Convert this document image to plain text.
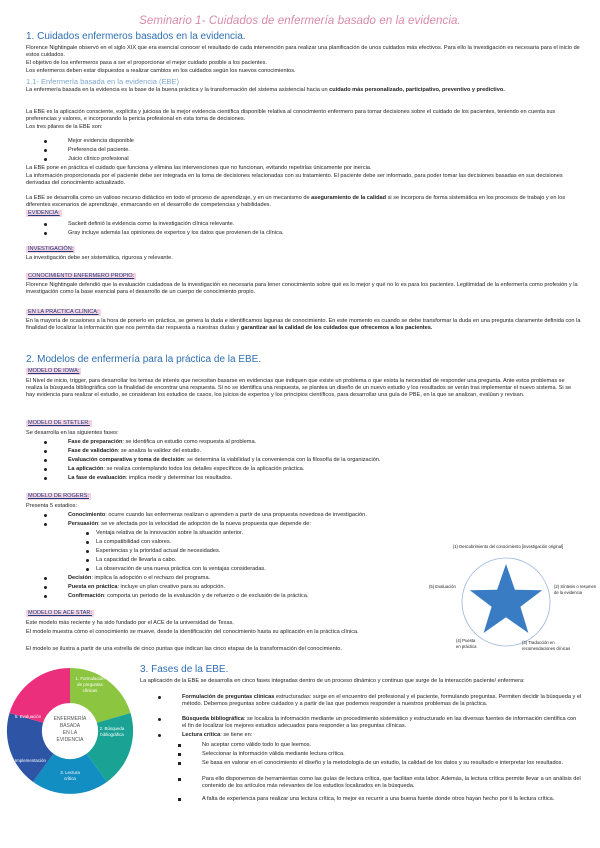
Seminario 1- Cuidados de enfermería basado en la evidencia.
1. Cuidados enfermeros basados en la evidencia.
Florence Nightingale observó en el siglo XIX que era esencial conocer el resultado de cada intervención para realizar una planificación de unos cuidados más efectivos. Para ello la investigación es necesaria para el inicio de estos cuidados.
El objetivo de los enfermeros pasa a ser el proporcionar el mejor cuidado posible a los pacientes.
Los enfermeros deben estar dispuestos a realizar cambios en los cuidados según los nuevos conocimientos.
1.1- Enfermería basada en la evidencia (EBE)
La enfermería basada en la evidencia es la base de la buena práctica y la transformación del sistema asistencial hacia un cuidado más personalizado, participativo, preventivo y predictivo.
La EBE es la aplicación consciente, explícita y juiciosa de la mejor evidencia científica disponible relativa al conocimiento enfermero para tomar decisiones sobre el cuidado de los pacientes, teniendo en cuenta sus preferencias y valores, e incorporando la pericia profesional en esta toma de decisiones.
Los tres pilares de la EBE son:
Mejor evidencia disponible
Preferencia del paciente.
Juicio clínico profesional
La EBE pone en práctica el cuidado que funciona y elimina las intervenciones que no funcionan, evitando repetirlas únicamente por inercia.
La información proporcionada por el paciente debe ser integrada en la toma de decisiones relacionadas con su tratamiento. El paciente debe ser informado, para poder tomar las decisiones basadas en sus decisiones derivadas del conocimiento actualizado.
La EBE se desarrolla como un valioso recurso didáctico en todo el proceso de aprendizaje, y en un mecanismo de aseguramiento de la calidad si se incorpora de forma sistemática en los procesos de trabajo y en los diferentes escenarios de aprendizaje, enmarcando en el desarrollo de competencias y habilidades.
EVIDENCIA:
Sackett definió la evidencia como la investigación clínica relevante.
Gray incluye además las opiniones de expertos y los datos que provienen de la clínica.
INVESTIGACIÓN:
La investigación debe ser sistemática, rigurosa y relevante.
CONOCIMIENTO ENFERMERO PROPIO:
Florence Nightingale defendió que la evaluación cuidadosa de la investigación es necesaria para tener conocimiento sobre qué es lo mejor y qué no lo es para los pacientes. Legitimidad de la enfermería como profesión y la investigación como la base esencial para el desarrollo de un cuerpo de conocimiento propio.
EN LA PRÁCTICA CLÍNICA:
En la mayoría de ocasiones a la hora de ponerlo en práctica, se genera la duda e identificamos lagunas de conocimiento. En este momento es cuando se debe transformar la duda en una pregunta claramente definida con la finalidad de localizar la información que nos permita dar respuesta a nuestras dudas y garantizar así la calidad de los cuidados que ofrecemos a los pacientes.
2. Modelos de enfermería para la práctica de la EBE.
MODELO DE IOWA:
El Nivel de inicio, trigger, para desarrollar los temas de interés que necesitan basarse en evidencias que indiquen que existe un problema o que exista la necesidad de responder una pregunta. Ante estos problemas se realiza la búsqueda bibliográfica con la finalidad de encontrar una respuesta. Si no se identifica una respuesta, se plantea un diseño de un nuevo estudio y los resultados se verán tras implementar el nuevo sistema. Si se hay evidencia para realizar el estudio, se consideran los estudios de casos, los juicios de expertos y los principios científicos, para desarrollar una guía de PBE, en la que se analizan, evalúan y revisan.
MODELO DE STETLER:
Se desarrolla en las siguientes fases:
Fase de preparación: se identifica un estudio como respuesta al problema.
Fase de validación: se analiza la validez del estudio.
Evaluación comparativa y toma de decisión: se determina la viabilidad y la conveniencia con la filosofía de la organización.
La aplicación: se realiza contemplando todos los detalles específicos de la aplicación práctica.
La fase de evaluación: implica medir y determinar los resultados.
MODELO DE ROGERS:
Presenta 5 estadios:
Conocimiento: ocurre cuando las enfermeras realizan o aprenden a partir de una propuesta novedosa de investigación.
Persuasión: se ve afectada por la velocidad de adopción de la nueva propuesta que depende de:
Ventaja relativa de la innovación sobre la situación anterior.
La compatibilidad con valores.
Experiencias y la prioridad actual de necesidades.
La capacidad de llevarla a cabo.
La observación de una nueva práctica con la ventajas consideradas.
Decisión: implica la adopción o el rechazo del programa.
Puesta en práctica: incluye un plan creativo para su adopción.
Confirmación: comporta un periodo de la evaluación y de refuerzo o de exclusión de la práctica.
(1) Descubrimiento del conocimiento [investigación original]
(2) Síntesis o resumen
de la evidencia
(3) Traducción en
recomendaciones clínicas
(4) Puesta
en práctica
(5) Evaluación
MODELO DE ACE STAR:
Este modelo más reciente y ha sido fundado por el ACE de la universidad de Texas.
El modelo muestra cómo el conocimiento se mueve, desde la identificación del conocimiento hasta su aplicación en la práctica clínica.
El modelo se ilustra a partir de una estrella de cinco puntas que indican las cinco etapas de la transformación del conocimiento.
ENFERMERÍA
BASADA
EN LA
EVIDENCIA
1. Formulación
de preguntas
clínicas
2. Búsqueda
bibliográfica
3. Lectura
crítica
4. Implementación
5. Evaluación
3. Fases de la EBE.
La aplicación de la EBE se desarrolla en cinco fases integradas dentro de un proceso dinámico y continuo que surge de la interacción paciente/ enfermera:
Formulación de preguntas clínicas estructuradas: surge en el encuentro del profesional y el paciente, formulando preguntas. Permiten decidir la búsqueda y el método. Debemos preguntas sobre cuidados y a partir de las que podemos responder a nuestros problemas de la práctica.
Búsqueda bibliográfica: se localiza la información mediante un procedimiento sistemático y estructurado en las diversas fuentes de información científica con el fin de localizar los mejores estudios adecuados para responder a las preguntas clínicas.
Lectura crítica: se tiene en:
No aceptar como válido todo lo que leemos.
Seleccionar la información válida mediante lectura crítica.
Se basa en valorar en el conocimiento el diseño y la metodología de un estudio, la calidad de los datos y su resultado e interpretar los resultados.
Para ello disponemos de herramientas como las guías de lectura crítica, que facilitan esta labor. Además, la lectura crítica permite llevar a un análisis del contenido de los artículos más relevantes de los estudios localizados en la búsqueda.
A falta de experiencia para realizar una lectura crítica, lo mejor es recurrir a una buena fuente donde otros hayan hecho por ti la lectura crítica.
